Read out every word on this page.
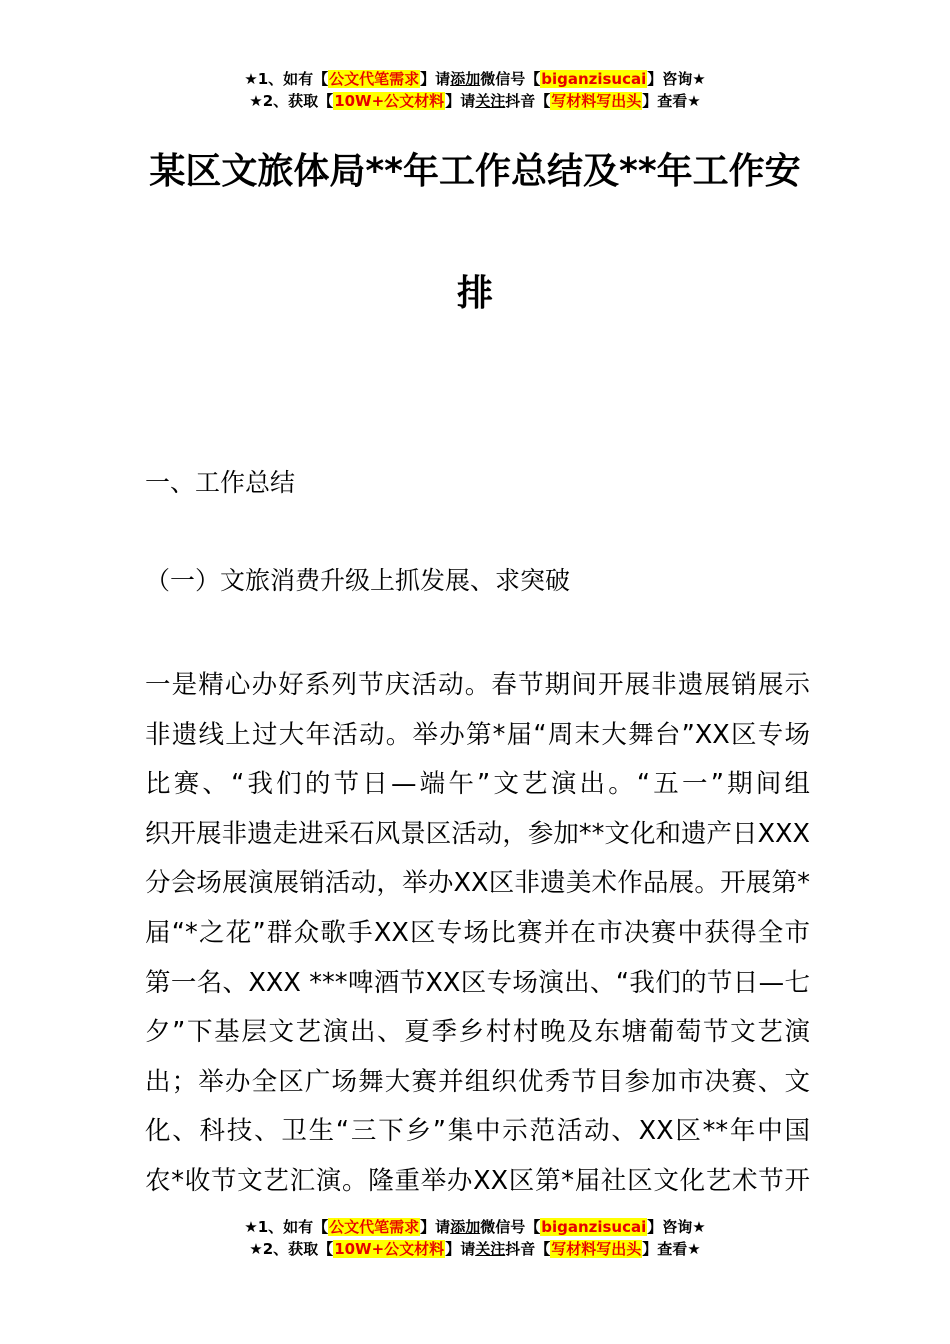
★1、如有【公文代笔需求】请添加微信号【biganzisucai】咨询★
★2、获取【10W+公文材料】请关注抖音【写材料写出头】查看★
某区文旅体局**年工作总结及**年工作安
排
一、工作总结
（一）文旅消费升级上抓发展、求突破
一是精心办好系列节庆活动。春节期间开展非遗展销展示
非遗线上过大年活动。举办第*届“周末大舞台”XX区专场
比赛、“我们的节日—端午”文艺演出。“五一”期间组
织开展非遗走进采石风景区活动，参加**文化和遗产日XXX
分会场展演展销活动，举办XX区非遗美术作品展。开展第*
届“*之花”群众歌手XX区专场比赛并在市决赛中获得全市
第一名、XXX ***啤酒节XX区专场演出、“我们的节日—七
夕”下基层文艺演出、夏季乡村村晚及东塘葡萄节文艺演
出；举办全区广场舞大赛并组织优秀节目参加市决赛、文
化、科技、卫生“三下乡”集中示范活动、XX区**年中国
农*收节文艺汇演。隆重举办XX区第*届社区文化艺术节开
★1、如有【公文代笔需求】请添加微信号【biganzisucai】咨询★
★2、获取【10W+公文材料】请关注抖音【写材料写出头】查看★
